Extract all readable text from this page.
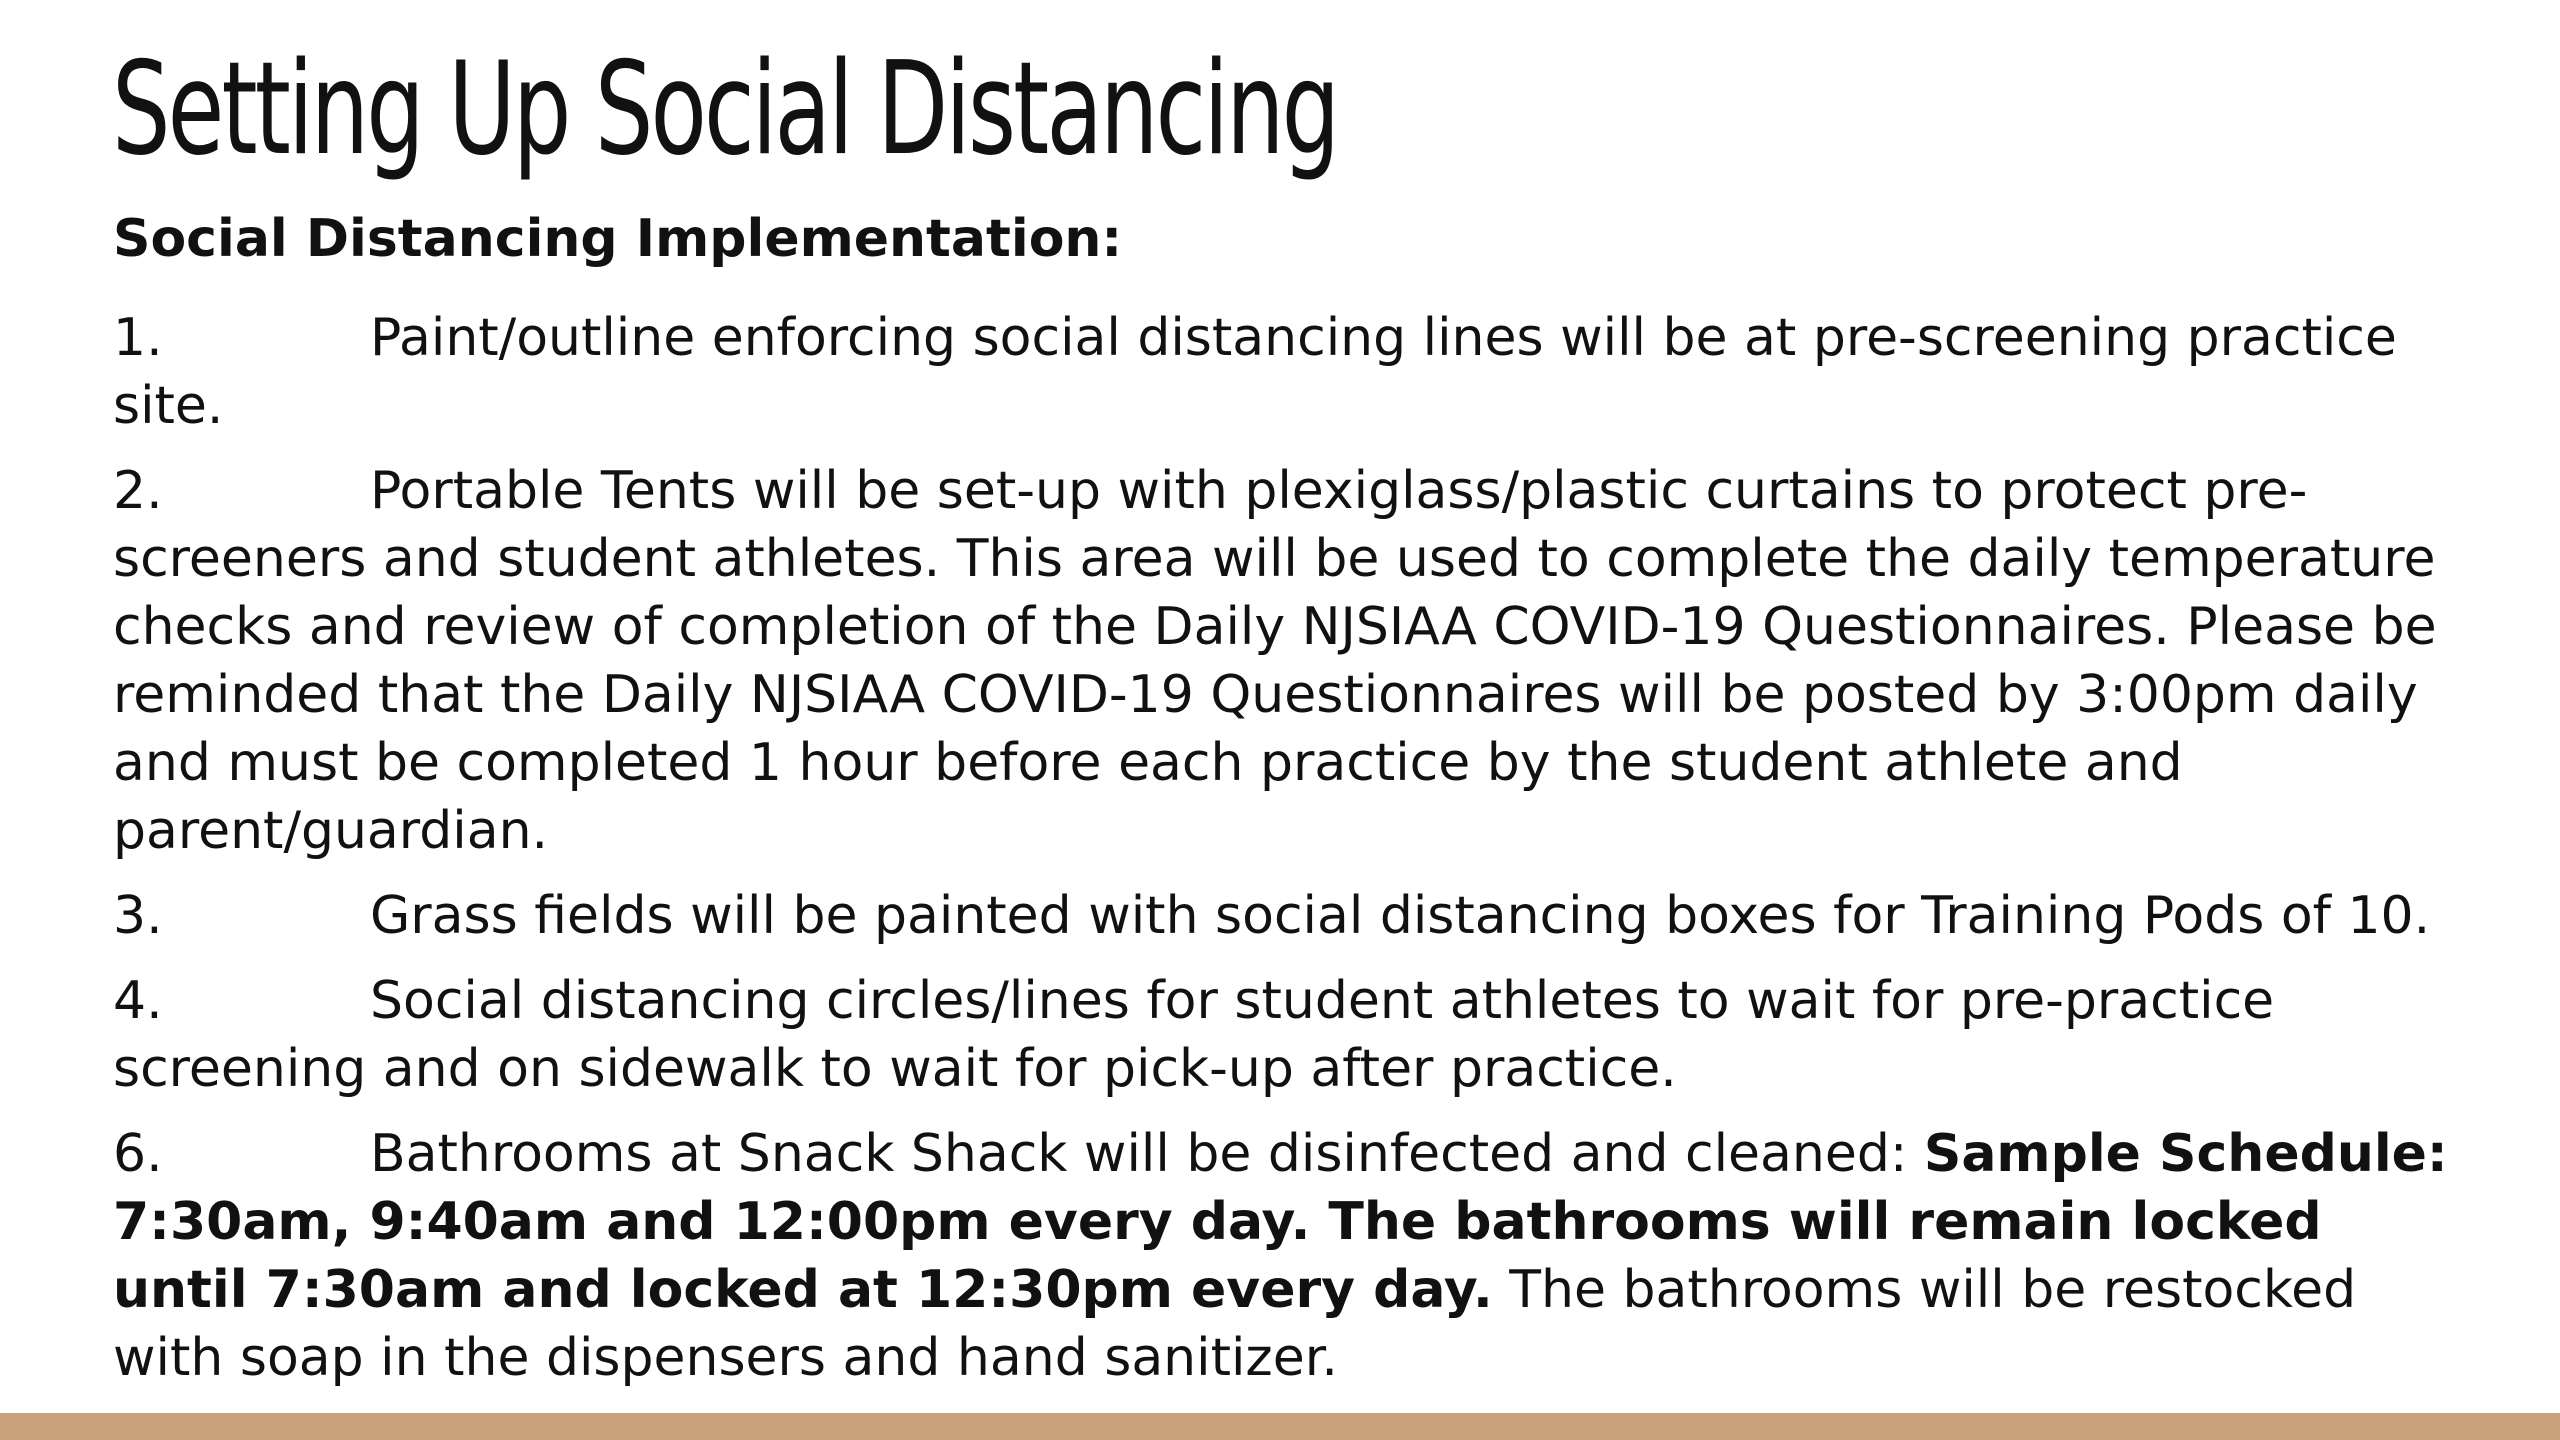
Setting Up Social Distancing

Social Distancing Implementation:

1.	Paint/outline enforcing social distancing lines will be at pre-screening practice site.

2.	Portable Tents will be set-up with plexiglass/plastic curtains to protect pre-screeners and student athletes. This area will be used to complete the daily temperature checks and review of completion of the Daily NJSIAA COVID-19 Questionnaires. Please be reminded that the Daily NJSIAA COVID-19 Questionnaires will be posted by 3:00pm daily and must be completed 1 hour before each practice by the student athlete and parent/guardian.

3.	Grass fields will be painted with social distancing boxes for Training Pods of 10.

4.	Social distancing circles/lines for student athletes to wait for pre-practice screening and on sidewalk to wait for pick-up after practice.

6.	Bathrooms at Snack Shack will be disinfected and cleaned: Sample Schedule: 7:30am, 9:40am and 12:00pm every day. The bathrooms will remain locked until 7:30am and locked at 12:30pm every day. The bathrooms will be restocked with soap in the dispensers and hand sanitizer.
